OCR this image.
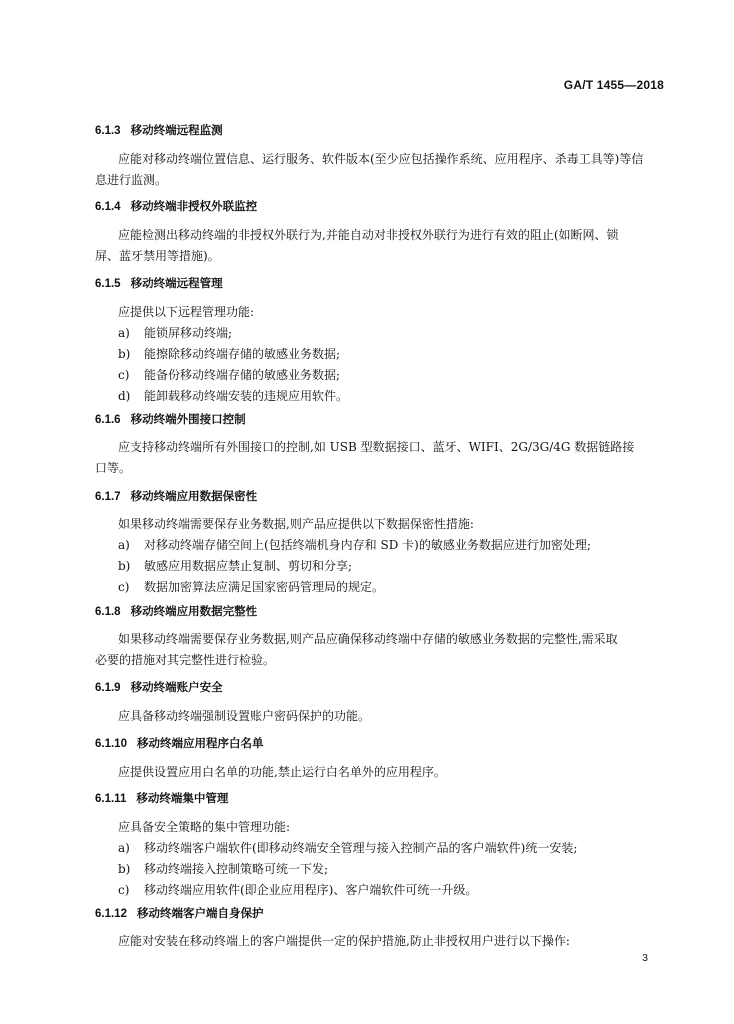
GA/T 1455—2018
6.1.3 移动终端远程监测
应能对移动终端位置信息、运行服务、软件版本(至少应包括操作系统、应用程序、杀毒工具等)等信
息进行监测。
6.1.4 移动终端非授权外联监控
应能检测出移动终端的非授权外联行为,并能自动对非授权外联行为进行有效的阻止(如断网、锁
屏、蓝牙禁用等措施)。
6.1.5 移动终端远程管理
应提供以下远程管理功能:
a) 能锁屏移动终端;
b) 能擦除移动终端存储的敏感业务数据;
c) 能备份移动终端存储的敏感业务数据;
d) 能卸载移动终端安装的违规应用软件。
6.1.6 移动终端外围接口控制
应支持移动终端所有外围接口的控制,如 USB 型数据接口、蓝牙、WIFI、2G/3G/4G 数据链路接
口等。
6.1.7 移动终端应用数据保密性
如果移动终端需要保存业务数据,则产品应提供以下数据保密性措施:
a) 对移动终端存储空间上(包括终端机身内存和 SD 卡)的敏感业务数据应进行加密处理;
b) 敏感应用数据应禁止复制、剪切和分享;
c) 数据加密算法应满足国家密码管理局的规定。
6.1.8 移动终端应用数据完整性
如果移动终端需要保存业务数据,则产品应确保移动终端中存储的敏感业务数据的完整性,需采取
必要的措施对其完整性进行检验。
6.1.9 移动终端账户安全
应具备移动终端强制设置账户密码保护的功能。
6.1.10 移动终端应用程序白名单
应提供设置应用白名单的功能,禁止运行白名单外的应用程序。
6.1.11 移动终端集中管理
应具备安全策略的集中管理功能:
a) 移动终端客户端软件(即移动终端安全管理与接入控制产品的客户端软件)统一安装;
b) 移动终端接入控制策略可统一下发;
c) 移动终端应用软件(即企业应用程序)、客户端软件可统一升级。
6.1.12 移动终端客户端自身保护
应能对安装在移动终端上的客户端提供一定的保护措施,防止非授权用户进行以下操作:
3
